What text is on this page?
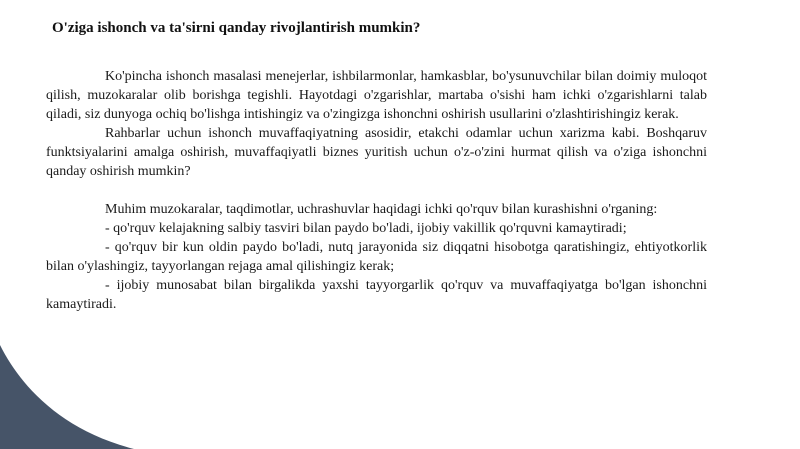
O'ziga ishonch va ta'sirni qanday rivojlantirish mumkin?

Ko'pincha ishonch masalasi menejerlar, ishbilarmonlar, hamkasblar, bo'ysunuvchilar bilan doimiy muloqot qilish, muzokaralar olib borishga tegishli. Hayotdagi o'zgarishlar, martaba o'sishi ham ichki o'zgarishlarni talab qiladi, siz dunyoga ochiq bo'lishga intishingiz va o'zingizga ishonchni oshirish usullarini o'zlashtirishingiz kerak.

Rahbarlar uchun ishonch muvaffaqiyatning asosidir, etakchi odamlar uchun xarizma kabi. Boshqaruv funktsiyalarini amalga oshirish, muvaffaqiyatli biznes yuritish uchun o'z-o'zini hurmat qilish va o'ziga ishonchni qanday oshirish mumkin?

Muhim muzokaralar, taqdimotlar, uchrashuvlar haqidagi ichki qo'rquv bilan kurashishni o'rganing:

- qo'rquv kelajakning salbiy tasviri bilan paydo bo'ladi, ijobiy vakillik qo'rquvni kamaytiradi;

- qo'rquv bir kun oldin paydo bo'ladi, nutq jarayonida siz diqqatni hisobotga qaratishingiz, ehtiyotkorlik bilan o'ylashingiz, tayyorlangan rejaga amal qilishingiz kerak;

- ijobiy munosabat bilan birgalikda yaxshi tayyorgarlik qo'rquv va muvaffaqiyatga bo'lgan ishonchni kamaytiradi.
